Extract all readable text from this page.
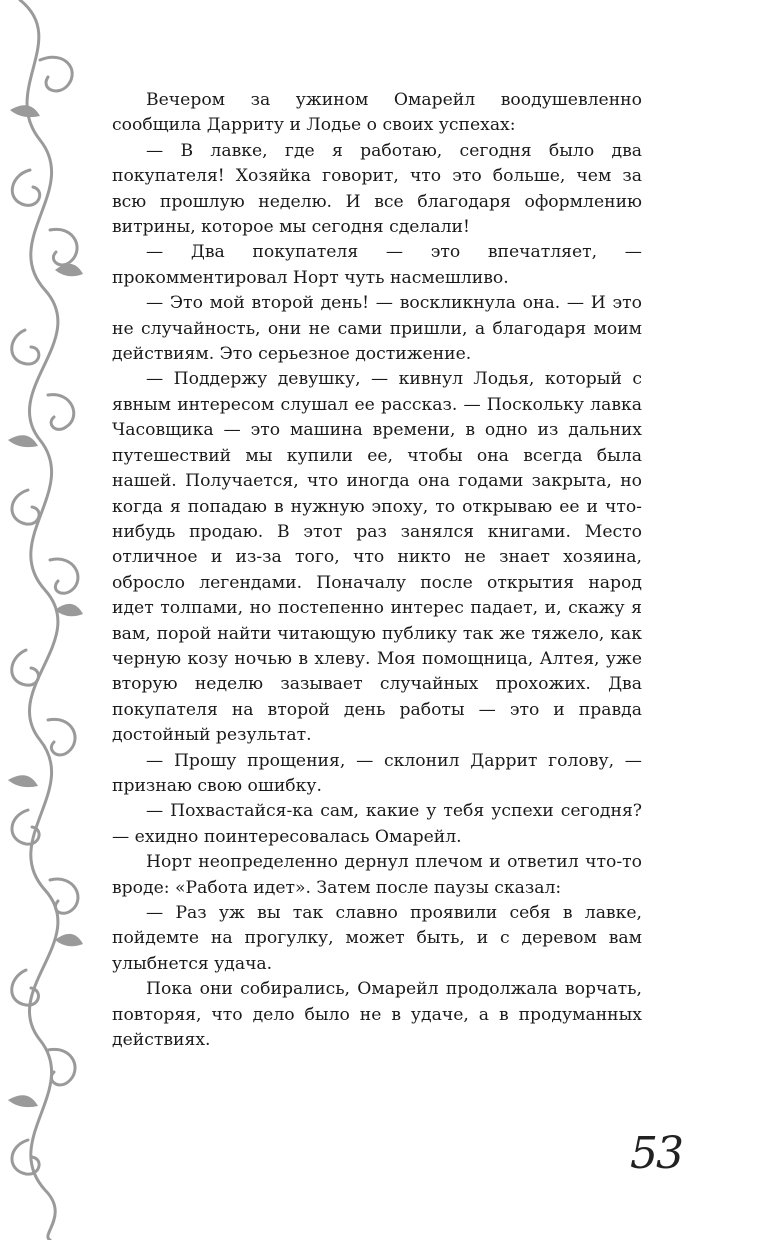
Вечером за ужином Омарейл воодушевленно сообщила Дарриту и Лодье о своих успехах:

— В лавке, где я работаю, сегодня было два покупателя! Хозяйка говорит, что это больше, чем за всю прошлую неделю. И все благодаря оформлению витрины, которое мы сегодня сделали!

— Два покупателя — это впечатляет, — прокомментировал Норт чуть насмешливо.

— Это мой второй день! — воскликнула она. — И это не случайность, они не сами пришли, а благодаря моим действиям. Это серьезное достижение.

— Поддержу девушку, — кивнул Лодья, который с явным интересом слушал ее рассказ. — Поскольку лавка Часовщика — это машина времени, в одно из дальних путешествий мы купили ее, чтобы она всегда была нашей. Получается, что иногда она годами закрыта, но когда я попадаю в нужную эпоху, то открываю ее и что-нибудь продаю. В этот раз занялся книгами. Место отличное и из-за того, что никто не знает хозяина, обросло легендами. Поначалу после открытия народ идет толпами, но постепенно интерес падает, и, скажу я вам, порой найти читающую публику так же тяжело, как черную козу ночью в хлеву. Моя помощница, Алтея, уже вторую неделю зазывает случайных прохожих. Два покупателя на второй день работы — это и правда достойный результат.

— Прошу прощения, — склонил Даррит голову, — признаю свою ошибку.

— Похвастайся-ка сам, какие у тебя успехи сегодня? — ехидно поинтересовалась Омарейл.

Норт неопределенно дернул плечом и ответил что-то вроде: «Работа идет». Затем после паузы сказал:

— Раз уж вы так славно проявили себя в лавке, пойдемте на прогулку, может быть, и с деревом вам улыбнется удача.

Пока они собирались, Омарейл продолжала ворчать, повторяя, что дело было не в удаче, а в продуманных действиях.

53
